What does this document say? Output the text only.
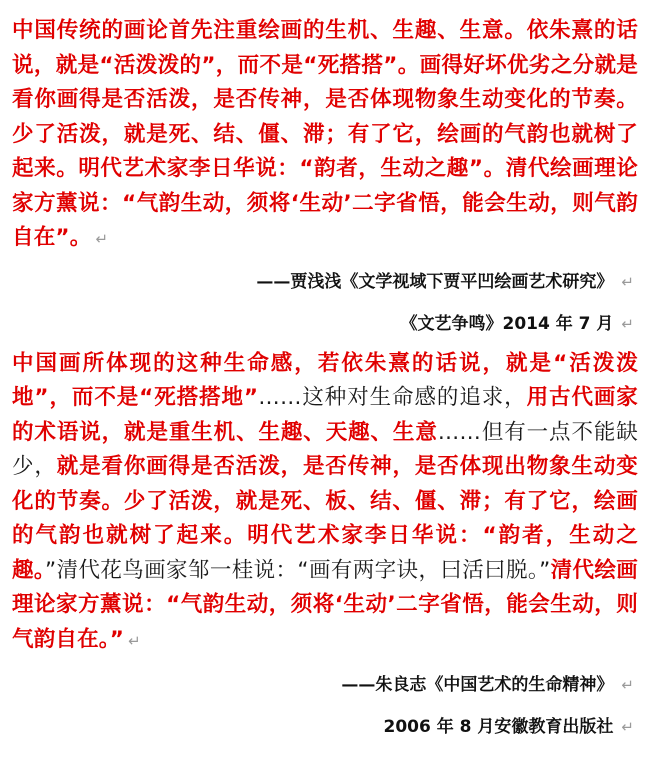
中国传统的画论首先注重绘画的生机、生趣、生意。依朱熹的话说，就是“活泼泼的”，而不是“死搭搭”。画得好坏优劣之分就是看你画得是否活泼，是否传神，是否体现物象生动变化的节奏。少了活泼，就是死、结、僵、滞；有了它，绘画的气韵也就树了起来。明代艺术家李日华说：“韵者，生动之趣”。清代绘画理论家方薰说：“气韵生动，须将‘生动’二字省悟，能会生动，则气韵自在”。 ↵

——贾浅浅《文学视域下贾平凹绘画艺术研究》 ↵

《文艺争鸣》2014 年 7 月 ↵

中国画所体现的这种生命感，若依朱熹的话说，就是“活泼泼地”，而不是“死搭搭地”……这种对生命感的追求，用古代画家的术语说，就是重生机、生趣、天趣、生意……但有一点不能缺少，就是看你画得是否活泼，是否传神，是否体现出物象生动变化的节奏。少了活泼，就是死、板、结、僵、滞；有了它，绘画的气韵也就树了起来。明代艺术家李日华说：“韵者，生动之趣。”清代花鸟画家邹一桂说：“画有两字诀，曰活曰脱。”清代绘画理论家方薰说：“气韵生动，须将‘生动’二字省悟，能会生动，则气韵自在。” ↵

——朱良志《中国艺术的生命精神》 ↵

2006 年 8 月安徽教育出版社 ↵
